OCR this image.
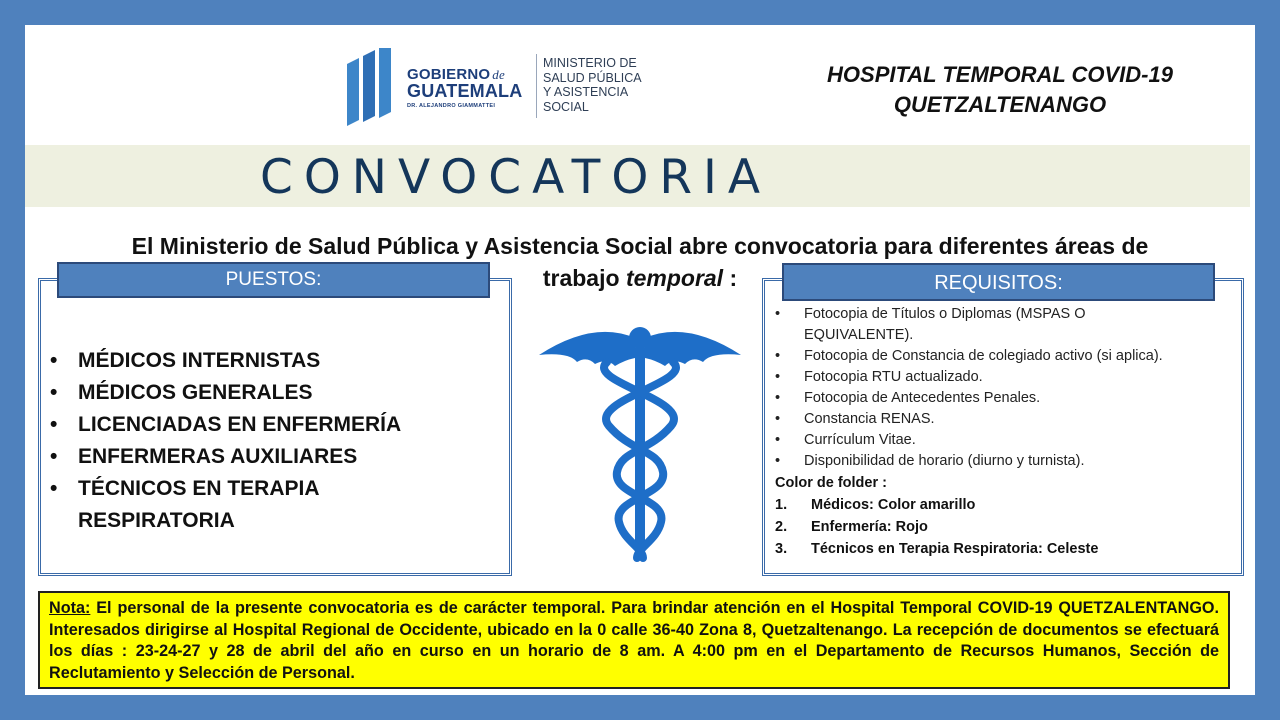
GOBIERNO de
GUATEMALA
DR. ALEJANDRO GIAMMATTEI
MINISTERIO DE
SALUD PÚBLICA
Y ASISTENCIA
SOCIAL
HOSPITAL TEMPORAL COVID-19
QUETZALTENANGO
CONVOCATORIA
El Ministerio de Salud Pública y Asistencia Social abre convocatoria para diferentes áreas de
trabajo temporal :
PUESTOS:
• MÉDICOS INTERNISTAS
• MÉDICOS GENERALES
• LICENCIADAS EN ENFERMERÍA
• ENFERMERAS AUXILIARES
• TÉCNICOS EN TERAPIA RESPIRATORIA
REQUISITOS:
• Fotocopia de Títulos o Diplomas (MSPAS O EQUIVALENTE).
• Fotocopia de Constancia de colegiado activo (si aplica).
• Fotocopia RTU actualizado.
• Fotocopia de Antecedentes Penales.
• Constancia RENAS.
• Currículum Vitae.
• Disponibilidad de horario (diurno y turnista).
Color de folder :
1. Médicos: Color amarillo
2. Enfermería: Rojo
3. Técnicos en Terapia Respiratoria: Celeste
Nota: El personal de la presente convocatoria es de carácter temporal. Para brindar atención en el Hospital Temporal COVID-19 QUETZALENTANGO. Interesados dirigirse al Hospital Regional de Occidente, ubicado en la 0 calle 36-40 Zona 8, Quetzaltenango. La recepción de documentos se efectuará los días : 23-24-27 y 28 de abril del año en curso en un horario de 8 am. A 4:00 pm en el Departamento de Recursos Humanos, Sección de Reclutamiento y Selección de Personal.
